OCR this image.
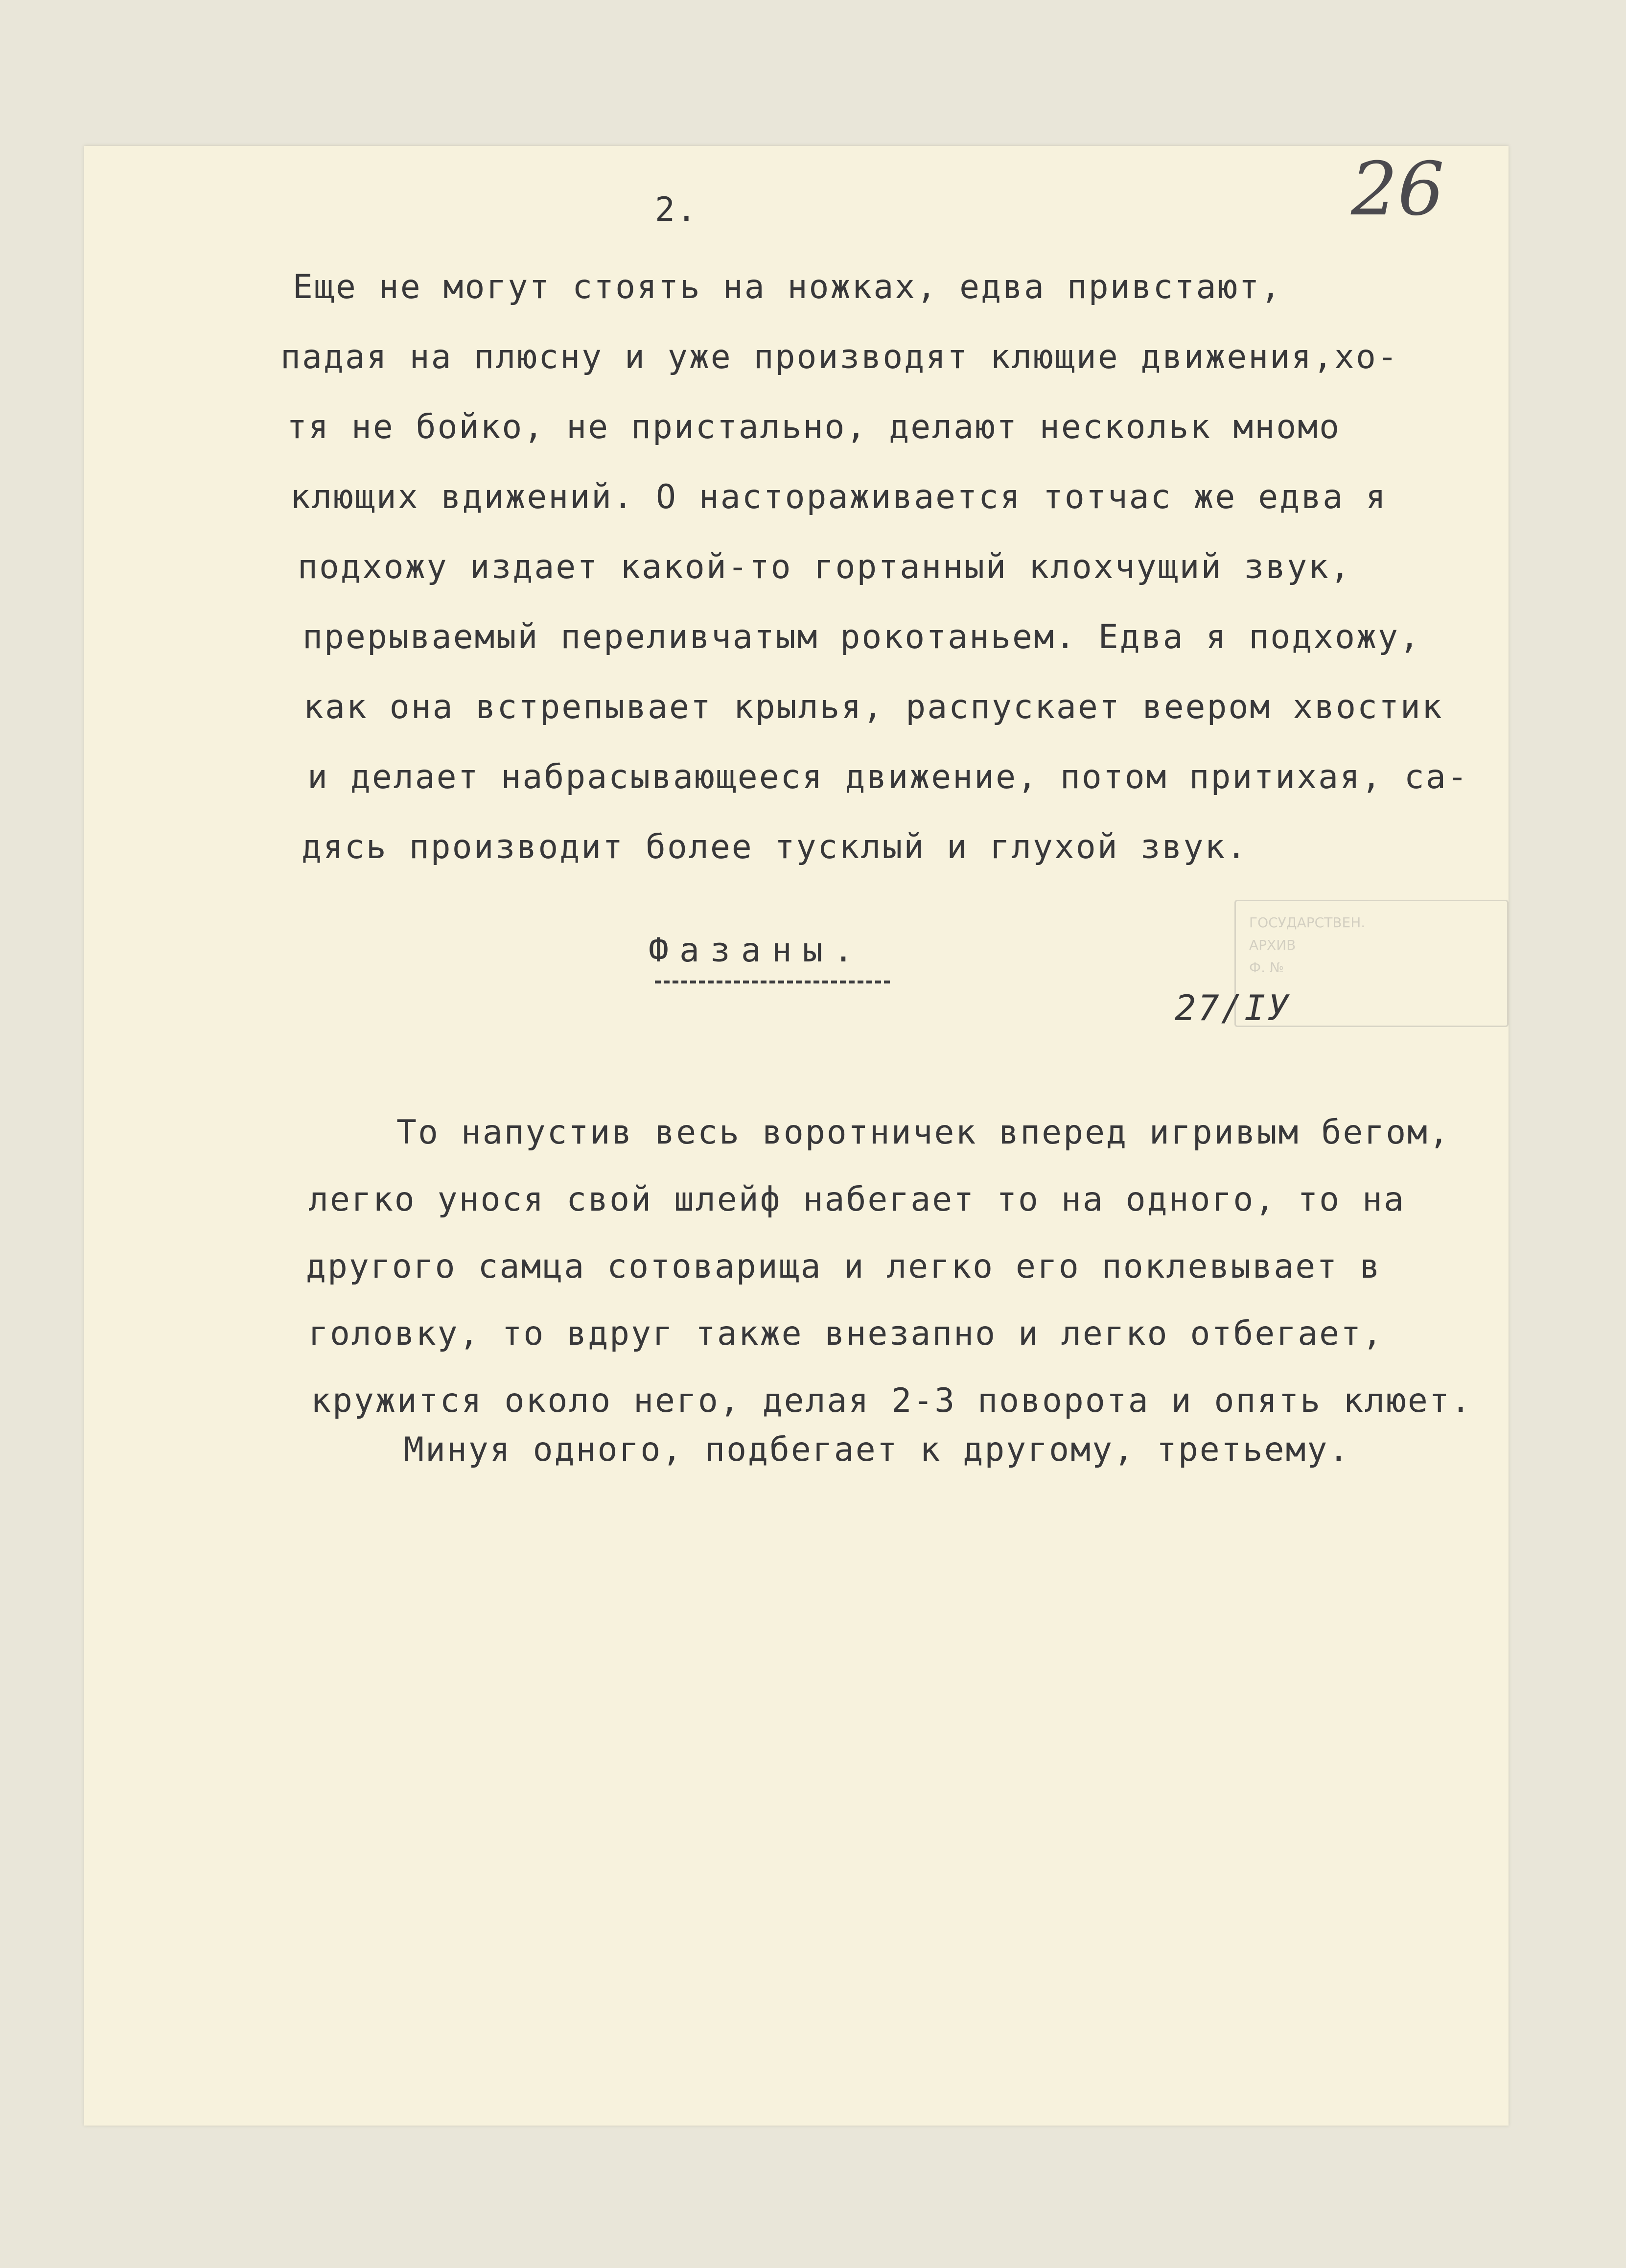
2.	26
Еще не могут стоять на ножках, едва привстают,
падая на плюсну и уже производят клющие движения,хо-
тя не бойко, не пристально, делают нескольк мномо
клющих вдижений. О настораживается тотчас же едва я
подхожу издает какой-то гортанный клохчущий звук,
прерываемый переливчатым рокотаньем. Едва я подхожу,
как она встрепывает крылья, распускает веером хвостик
и делает набрасывающееся движение, потом притихая, са-
дясь производит более тусклый и глухой звук.
Фазаны.
27/IУ
То напустив весь воротничек вперед игривым бегом,
легко унося свой шлейф набегает то на одного, то на
другого самца сотоварища и легко его поклевывает в
головку, то вдруг также внезапно и легко отбегает,
кружится около него, делая 2-3 поворота и опять клюет.
Минуя одного, подбегает к другому, третьему.
ГОСУДАРСТВЕН.
АРХИВ
Ф. №
